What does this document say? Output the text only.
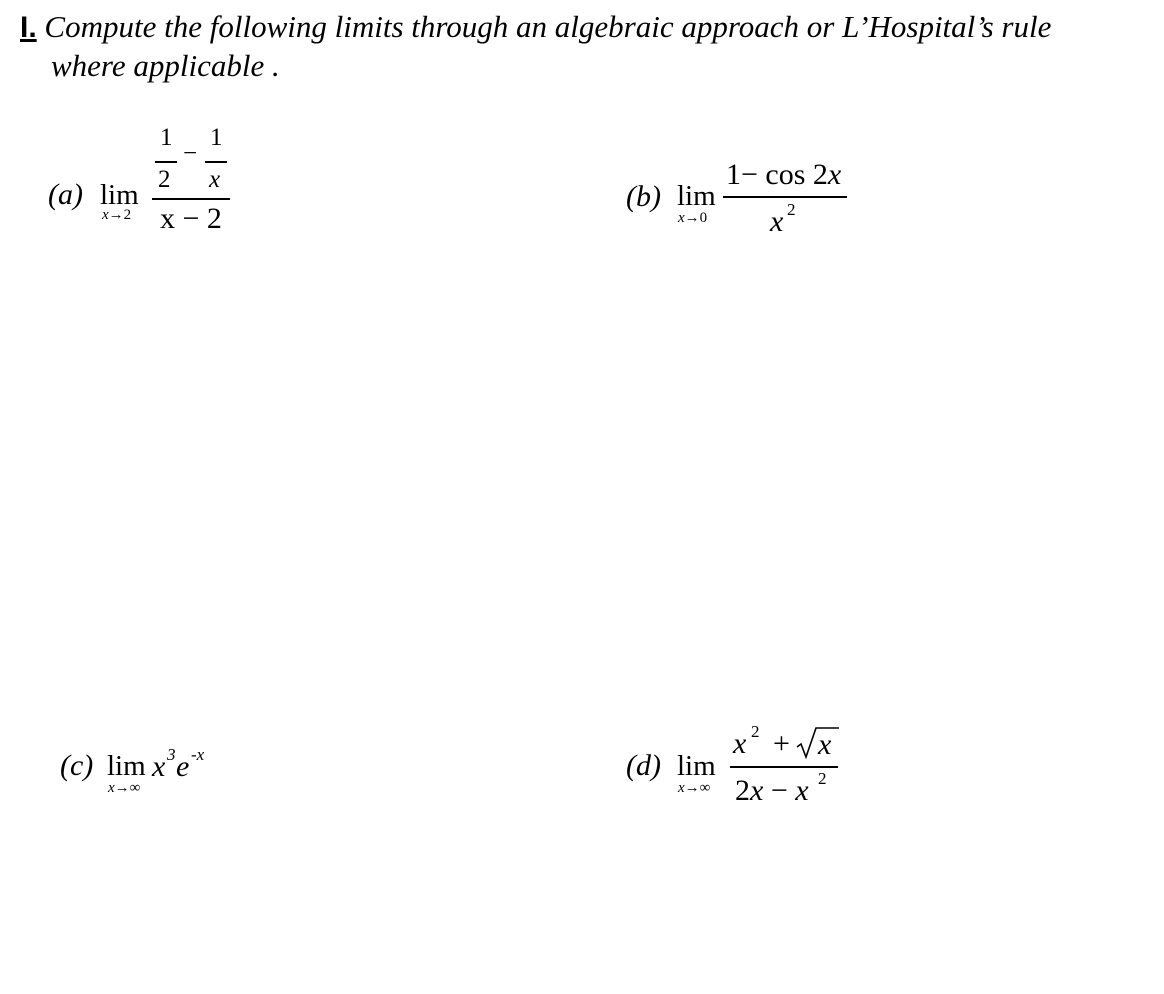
I. Compute the following limits through an algebraic approach or L’Hospital’s rule
where applicable .
(a) lim
x→2
1
2
−
1
x
x − 2
(b) lim
x→0
1− cos 2x
x 2
(c) lim
x→∞
x 3 e -x	(d) lim
x→∞
x 2 + x
2x − x 2
